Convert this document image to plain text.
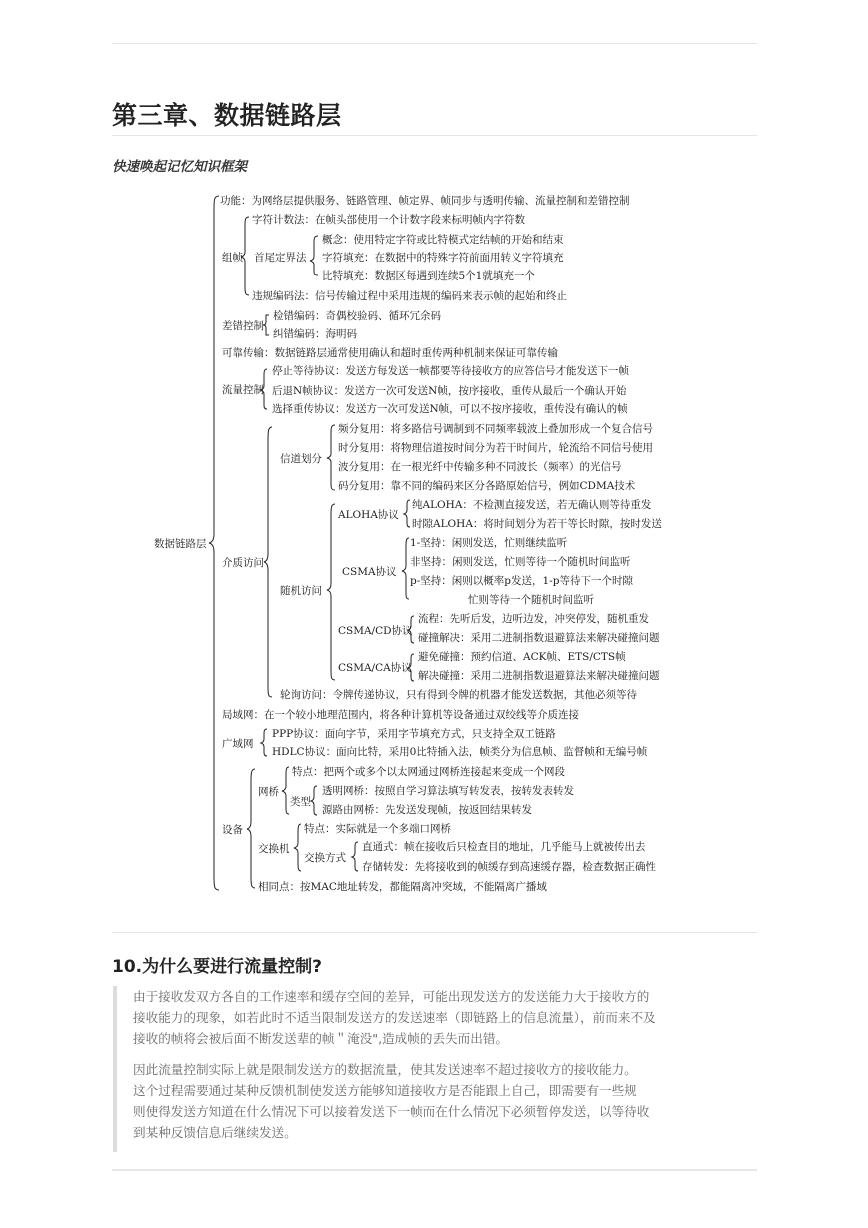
第三章、数据链路层

快速唤起记忆知识框架

数据链路层
功能：为网络层提供服务、链路管理、帧定界、帧同步与透明传输、流量控制和差错控制
组帧
字符计数法：在帧头部使用一个计数字段来标明帧内字符数
首尾定界法
概念：使用特定字符或比特模式定结帧的开始和结束
字符填充：在数据中的特殊字符前面用转义字符填充
比特填充：数据区每遇到连续5个1就填充一个
违规编码法：信号传输过程中采用违规的编码来表示帧的起始和终止
差错控制
检错编码：奇偶校验码、循环冗余码
纠错编码：海明码
可靠传输：数据链路层通常使用确认和超时重传两种机制来保证可靠传输
流量控制
停止等待协议：发送方每发送一帧都要等待接收方的应答信号才能发送下一帧
后退N帧协议：发送方一次可发送N帧，按序接收，重传从最后一个确认开始
选择重传协议：发送方一次可发送N帧，可以不按序接收，重传没有确认的帧
介质访问
信道划分
频分复用：将多路信号调制到不同频率载波上叠加形成一个复合信号
时分复用：将物理信道按时间分为若干时间片，轮流给不同信号使用
波分复用：在一根光纤中传输多种不同波长（频率）的光信号
码分复用：靠不同的编码来区分各路原始信号，例如CDMA技术
随机访问
ALOHA协议
纯ALOHA：不检测直接发送，若无确认则等待重发
时隙ALOHA：将时间划分为若干等长时隙，按时发送
CSMA协议
1-坚持：闲则发送，忙则继续监听
非坚持：闲则发送，忙则等待一个随机时间监听
p-坚持：闲则以概率p发送，1-p等待下一个时隙
忙则等待一个随机时间监听
CSMA/CD协议
流程：先听后发，边听边发，冲突停发，随机重发
碰撞解决：采用二进制指数退避算法来解决碰撞问题
CSMA/CA协议
避免碰撞：预约信道、ACK帧、ETS/CTS帧
解决碰撞：采用二进制指数退避算法来解决碰撞问题
轮询访问：令牌传递协议，只有得到令牌的机器才能发送数据，其他必须等待
局域网：在一个较小地理范围内，将各种计算机等设备通过双绞线等介质连接
广域网
PPP协议：面向字节，采用字节填充方式，只支持全双工链路
HDLC协议：面向比特，采用0比特插入法，帧类分为信息帧、监督帧和无编号帧
设备
网桥
特点：把两个或多个以太网通过网桥连接起来变成一个网段
类型
透明网桥：按照自学习算法填写转发表，按转发表转发
源路由网桥：先发送发现帧，按返回结果转发
交换机
特点：实际就是一个多端口网桥
交换方式
直通式：帧在接收后只检查目的地址，几乎能马上就被传出去
存储转发：先将接收到的帧缓存到高速缓存器，检查数据正确性
相同点：按MAC地址转发，都能隔离冲突域，不能隔离广播域
10.为什么要进行流量控制?

由于接收发双方各自的工作速率和缓存空间的差异，可能出现发送方的发送能力大于接收方的
接收能力的现象，如若此时不适当限制发送方的发送速率（即链路上的信息流量），前而来不及
接收的帧将会被后面不断发送辈的帧＂淹没",造成帧的丢失而出错。

因此流量控制实际上就是限制发送方的数据流量，使其发送速率不超过接收方的接收能力。
这个过程需要通过某种反馈机制使发送方能够知道接收方是否能跟上自己，即需要有一些规
则使得发送方知道在什么情况下可以接着发送下一帧而在什么情况下必须暂停发送，以等待收
到某种反馈信息后继续发送。
